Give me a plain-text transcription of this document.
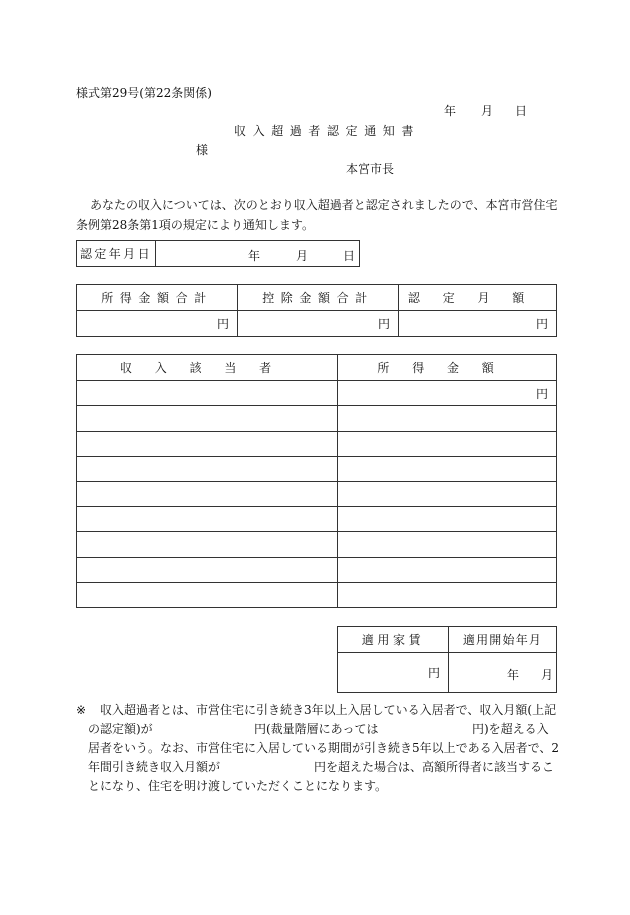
様式第29号(第22条関係)
年 月 日
収入超過者認定通知書
様
本宮市長
あなたの収入については、次のとおり収入超過者と認定されましたので、本宮市営住宅
条例第28条第1項の規定により通知します。
認定年月日	年	月	日
所得金額合計	控除金額合計	認定月額
円	円	円
収入該当者	所得金額
	円

適用家賃	適用開始年月
円	年 月
※ 収入超過者とは、市営住宅に引き続き3年以上入居している入居者で、収入月額(上記
の認定額)が	円(裁量階層にあっては	円)を超える入
居者をいう。なお、市営住宅に入居している期間が引き続き5年以上である入居者で、2
年間引き続き収入月額が	円を超えた場合は、高額所得者に該当するこ
とになり、住宅を明け渡していただくことになります。
